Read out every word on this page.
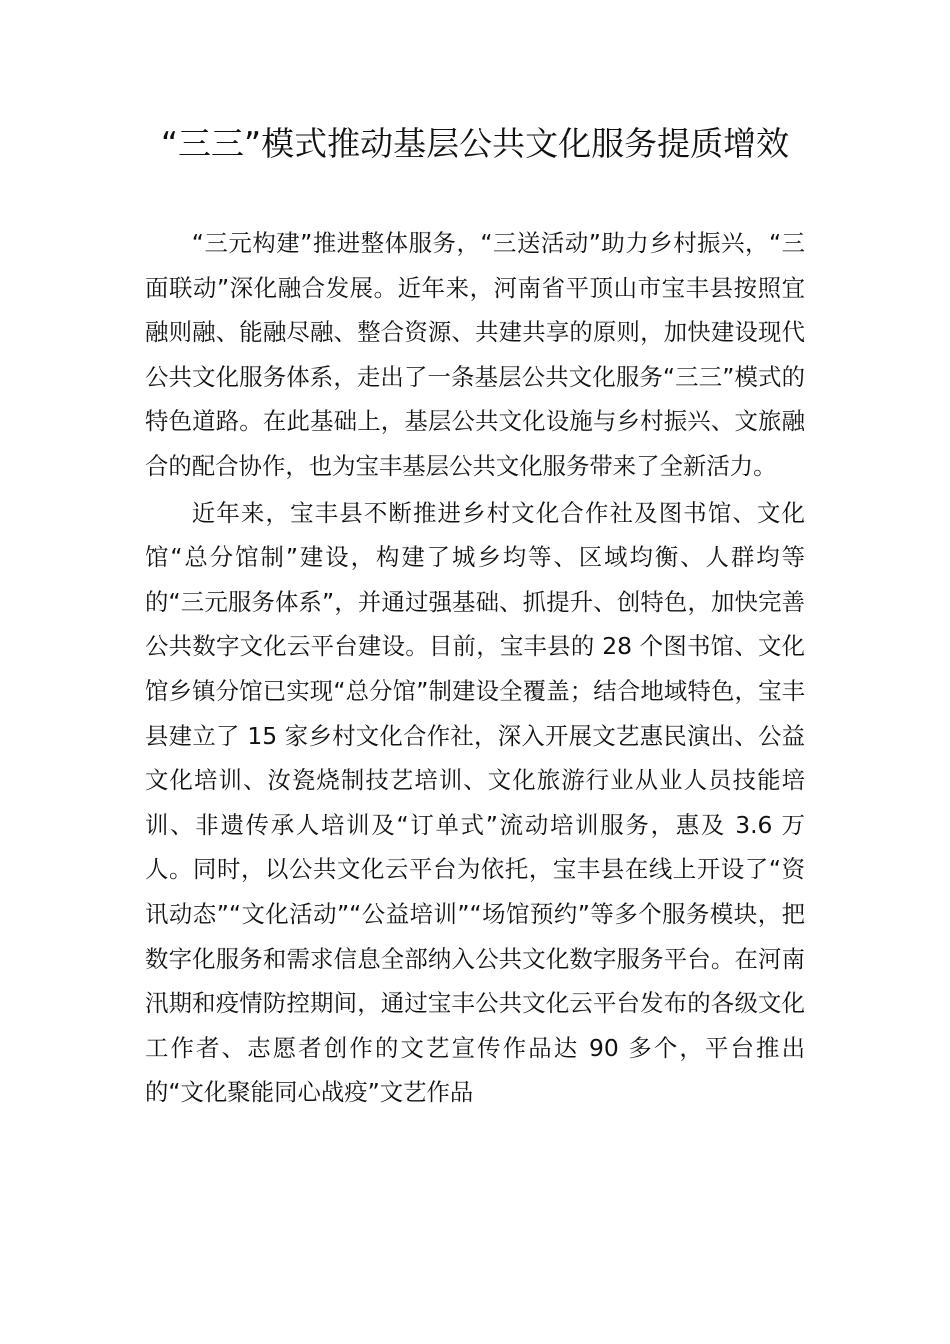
“三三”模式推动基层公共文化服务提质增效

“三元构建”推进整体服务，“三送活动”助力乡村振兴，“三面联动”深化融合发展。近年来，河南省平顶山市宝丰县按照宜融则融、能融尽融、整合资源、共建共享的原则，加快建设现代公共文化服务体系，走出了一条基层公共文化服务“三三”模式的特色道路。在此基础上，基层公共文化设施与乡村振兴、文旅融合的配合协作，也为宝丰基层公共文化服务带来了全新活力。

近年来，宝丰县不断推进乡村文化合作社及图书馆、文化馆“总分馆制”建设，构建了城乡均等、区域均衡、人群均等的“三元服务体系”，并通过强基础、抓提升、创特色，加快完善公共数字文化云平台建设。目前，宝丰县的 28 个图书馆、文化馆乡镇分馆已实现“总分馆”制建设全覆盖；结合地域特色，宝丰县建立了 15 家乡村文化合作社，深入开展文艺惠民演出、公益文化培训、汝瓷烧制技艺培训、文化旅游行业从业人员技能培训、非遗传承人培训及“订单式”流动培训服务，惠及 3.6 万人。同时，以公共文化云平台为依托，宝丰县在线上开设了“资讯动态”“文化活动”“公益培训”“场馆预约”等多个服务模块，把数字化服务和需求信息全部纳入公共文化数字服务平台。在河南汛期和疫情防控期间，通过宝丰公共文化云平台发布的各级文化工作者、志愿者创作的文艺宣传作品达 90 多个，平台推出的“文化聚能同心战疫”文艺作品
